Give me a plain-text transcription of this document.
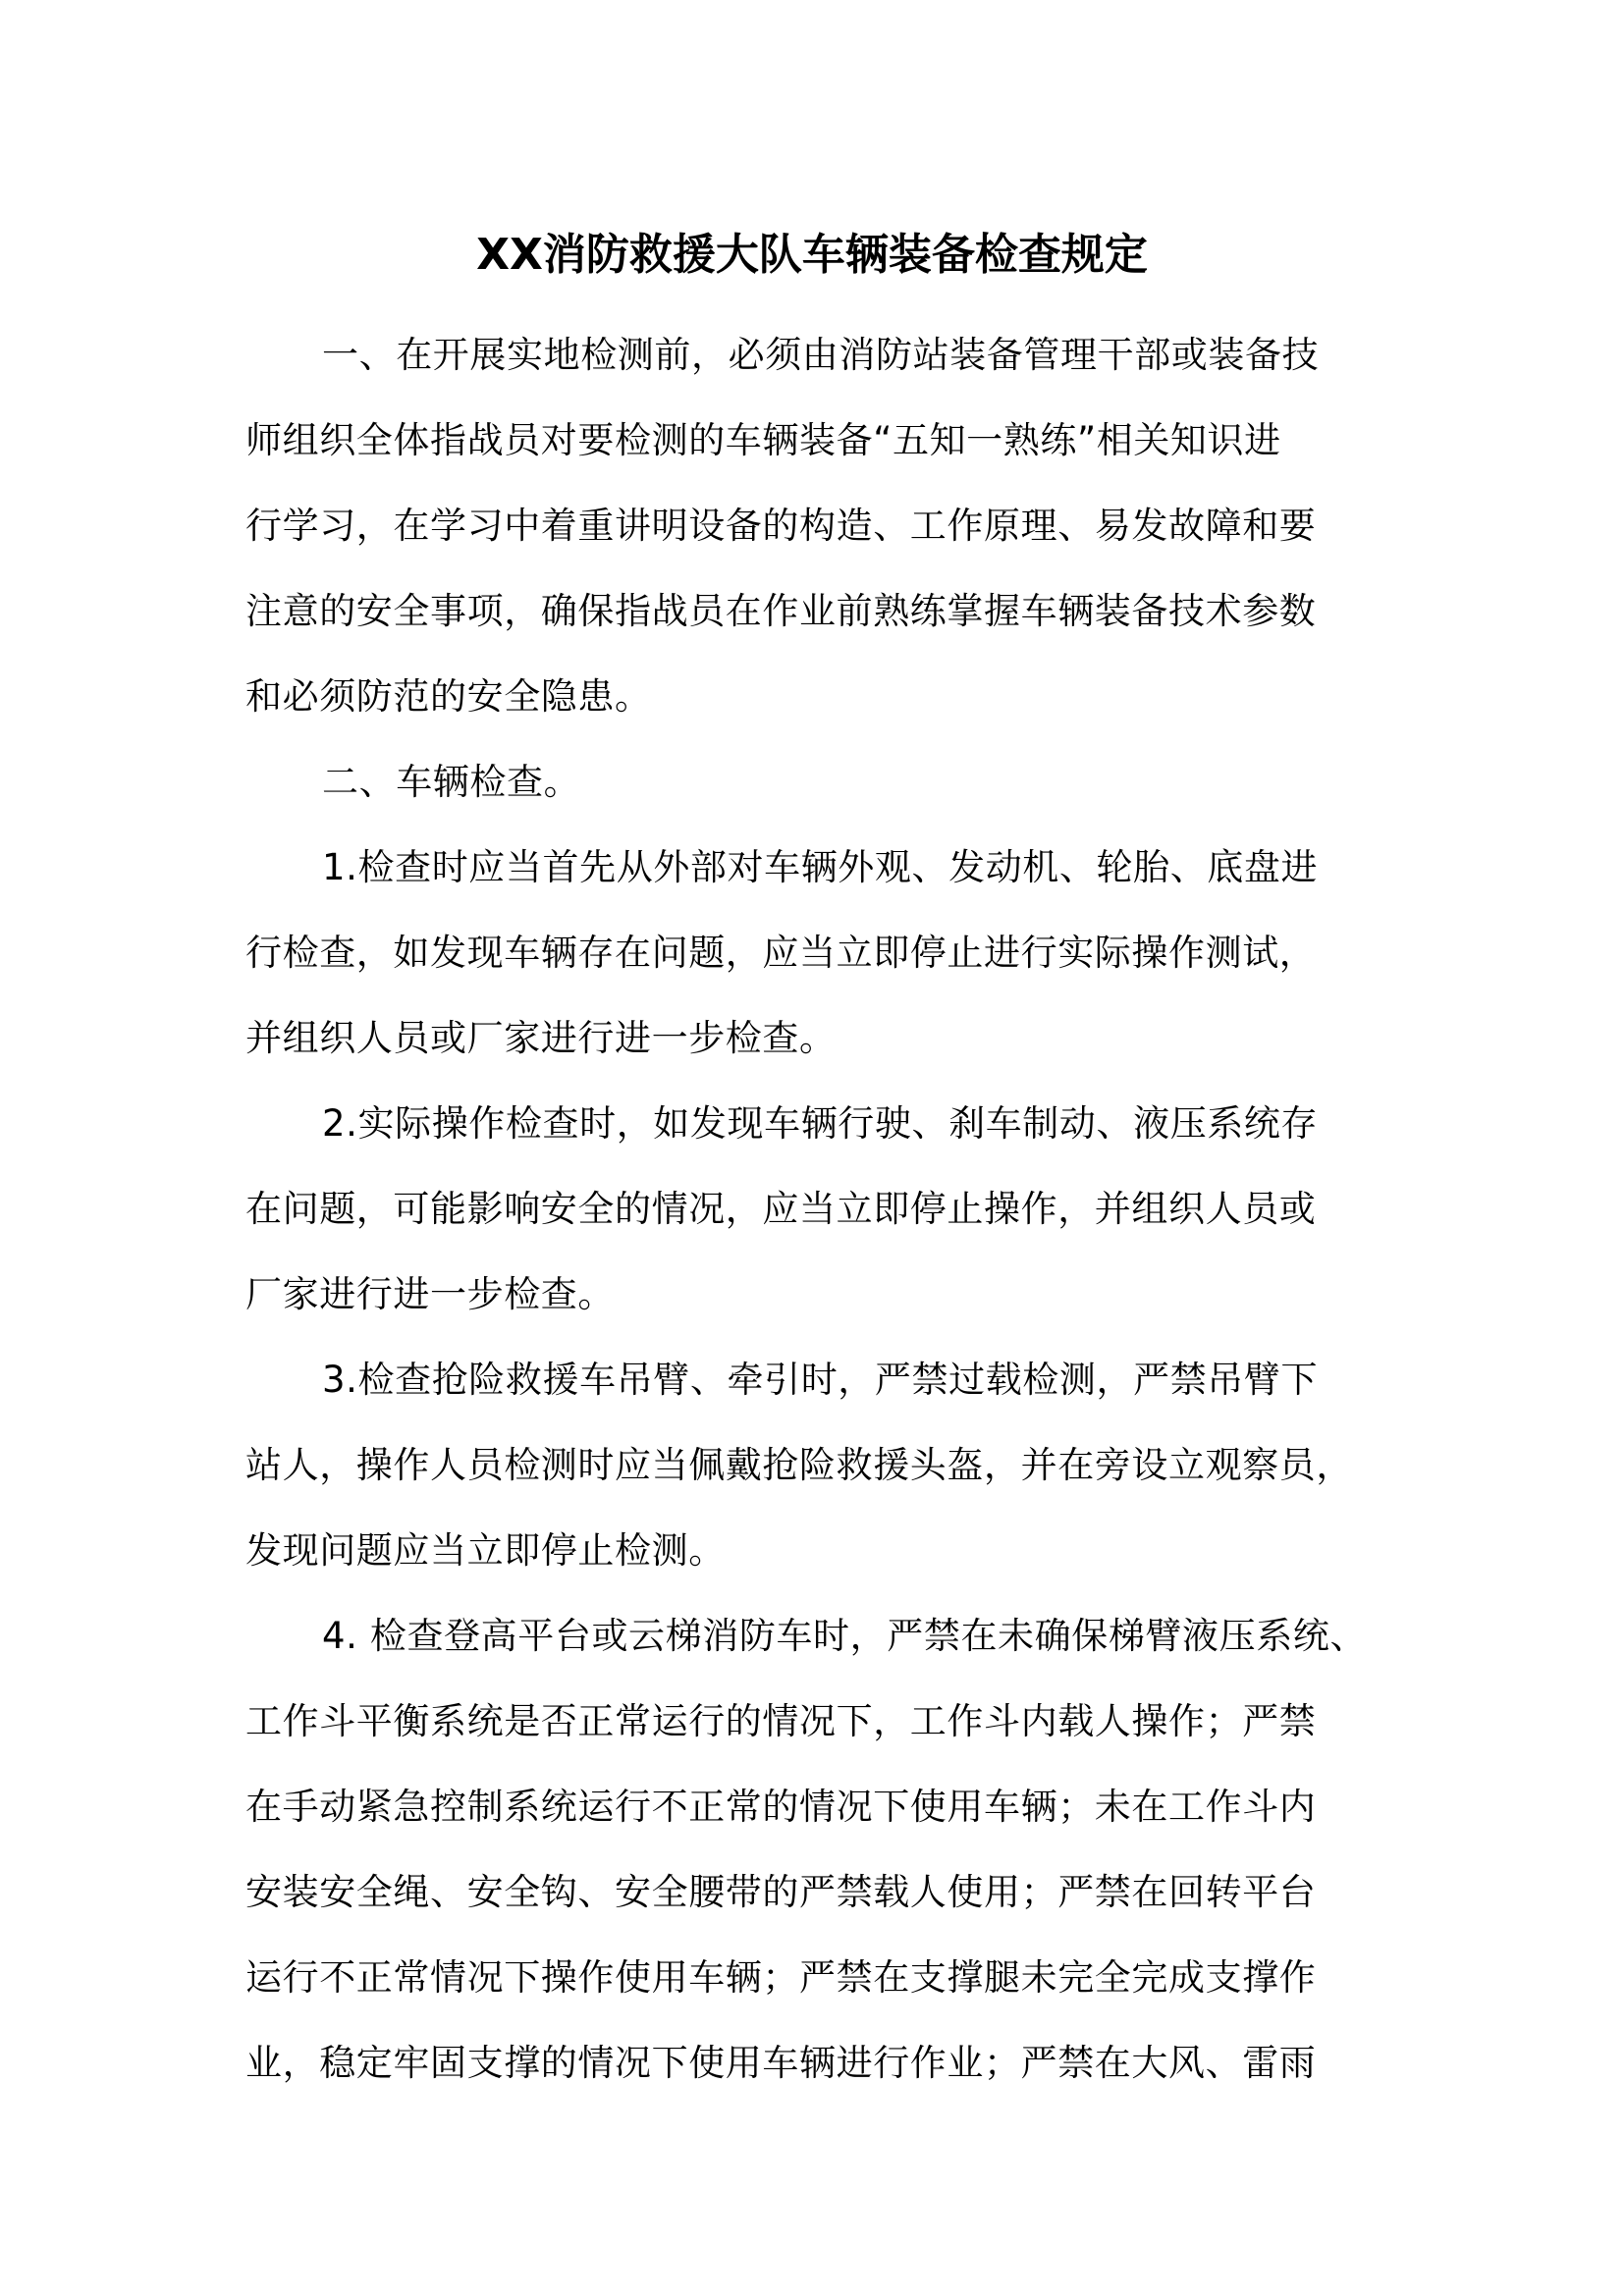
XX消防救援大队车辆装备检查规定

一、在开展实地检测前，必须由消防站装备管理干部或装备技
师组织全体指战员对要检测的车辆装备“五知一熟练”相关知识进
行学习，在学习中着重讲明设备的构造、工作原理、易发故障和要
注意的安全事项，确保指战员在作业前熟练掌握车辆装备技术参数
和必须防范的安全隐患。

二、车辆检查。

1.检查时应当首先从外部对车辆外观、发动机、轮胎、底盘进
行检查，如发现车辆存在问题，应当立即停止进行实际操作测试，
并组织人员或厂家进行进一步检查。

2.实际操作检查时，如发现车辆行驶、刹车制动、液压系统存
在问题，可能影响安全的情况，应当立即停止操作，并组织人员或
厂家进行进一步检查。

3.检查抢险救援车吊臂、牵引时，严禁过载检测，严禁吊臂下
站人，操作人员检测时应当佩戴抢险救援头盔，并在旁设立观察员，
发现问题应当立即停止检测。

4. 检查登高平台或云梯消防车时，严禁在未确保梯臂液压系统、
工作斗平衡系统是否正常运行的情况下，工作斗内载人操作；严禁
在手动紧急控制系统运行不正常的情况下使用车辆；未在工作斗内
安装安全绳、安全钩、安全腰带的严禁载人使用；严禁在回转平台
运行不正常情况下操作使用车辆；严禁在支撑腿未完全完成支撑作
业，稳定牢固支撑的情况下使用车辆进行作业；严禁在大风、雷雨
